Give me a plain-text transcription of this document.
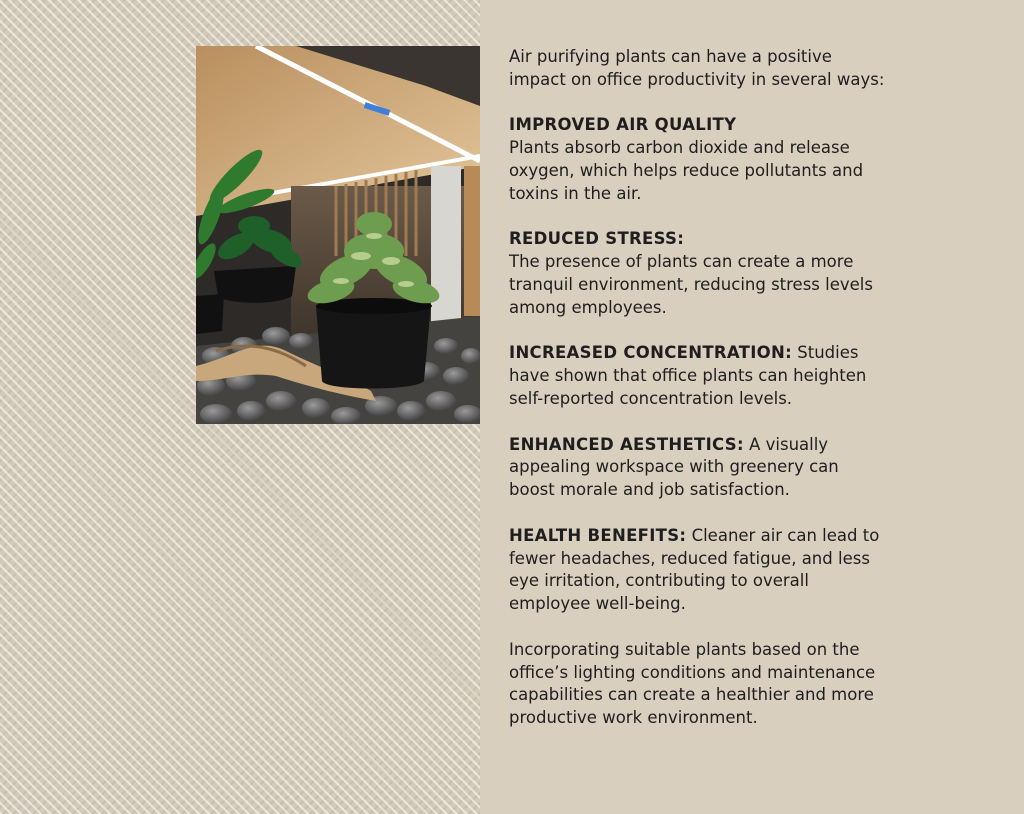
Air purifying plants can have a positive impact on office productivity in several ways:

IMPROVED AIR QUALITY
Plants absorb carbon dioxide and release oxygen, which helps reduce pollutants and toxins in the air.

REDUCED STRESS:
The presence of plants can create a more tranquil environment, reducing stress levels among employees.

INCREASED CONCENTRATION: Studies have shown that office plants can heighten self-reported concentration levels.

ENHANCED AESTHETICS: A visually appealing workspace with greenery can boost morale and job satisfaction.

HEALTH BENEFITS: Cleaner air can lead to fewer headaches, reduced fatigue, and less eye irritation, contributing to overall employee well-being.

Incorporating suitable plants based on the office’s lighting conditions and maintenance capabilities can create a healthier and more productive work environment.
